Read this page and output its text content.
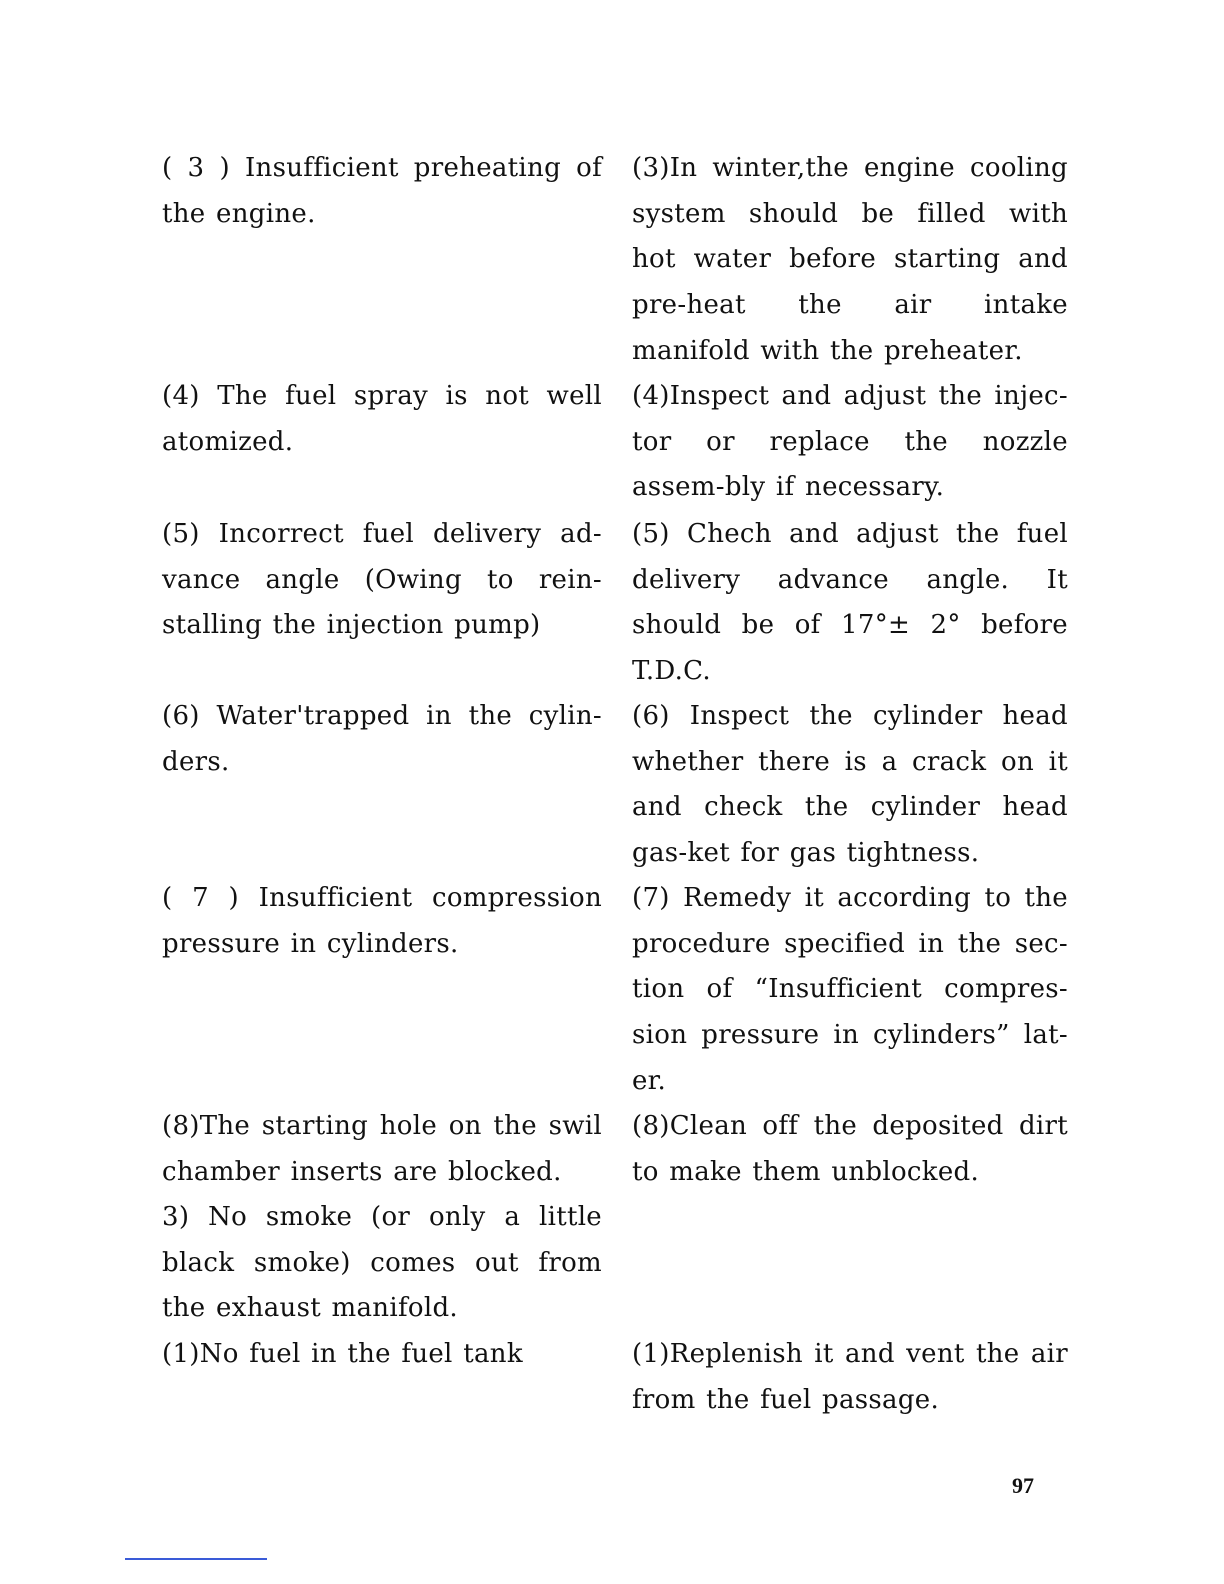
( 3 ) Insufficient preheating of the engine.

(3)In winter,the engine cooling system should be filled with hot water before starting and pre-heat the air intake manifold with the preheater.

(4) The fuel spray is not well atomized.

(4)Inspect and adjust the injec-tor or replace the nozzle assem-bly if necessary.

(5) Incorrect fuel delivery ad-vance angle (Owing to rein-stalling the injection pump)

(5) Chech and adjust the fuel delivery advance angle. It should be of 17°± 2° before T.D.C.

(6) Water'trapped in the cylin-ders.

(6) Inspect the cylinder head whether there is a crack on it and check the cylinder head gas-ket for gas tightness.

( 7 ) Insufficient compression pressure in cylinders.

(7) Remedy it according to the procedure specified in the sec-tion of “Insufficient compres-sion pressure in cylinders” lat-er.

(8)The starting hole on the swil chamber inserts are blocked.

(8)Clean off the deposited dirt to make them unblocked.

3) No smoke (or only a little black smoke) comes out from the exhaust manifold.

(1)No fuel in the fuel tank	(1)Replenish it and vent the air from the fuel passage.

97
